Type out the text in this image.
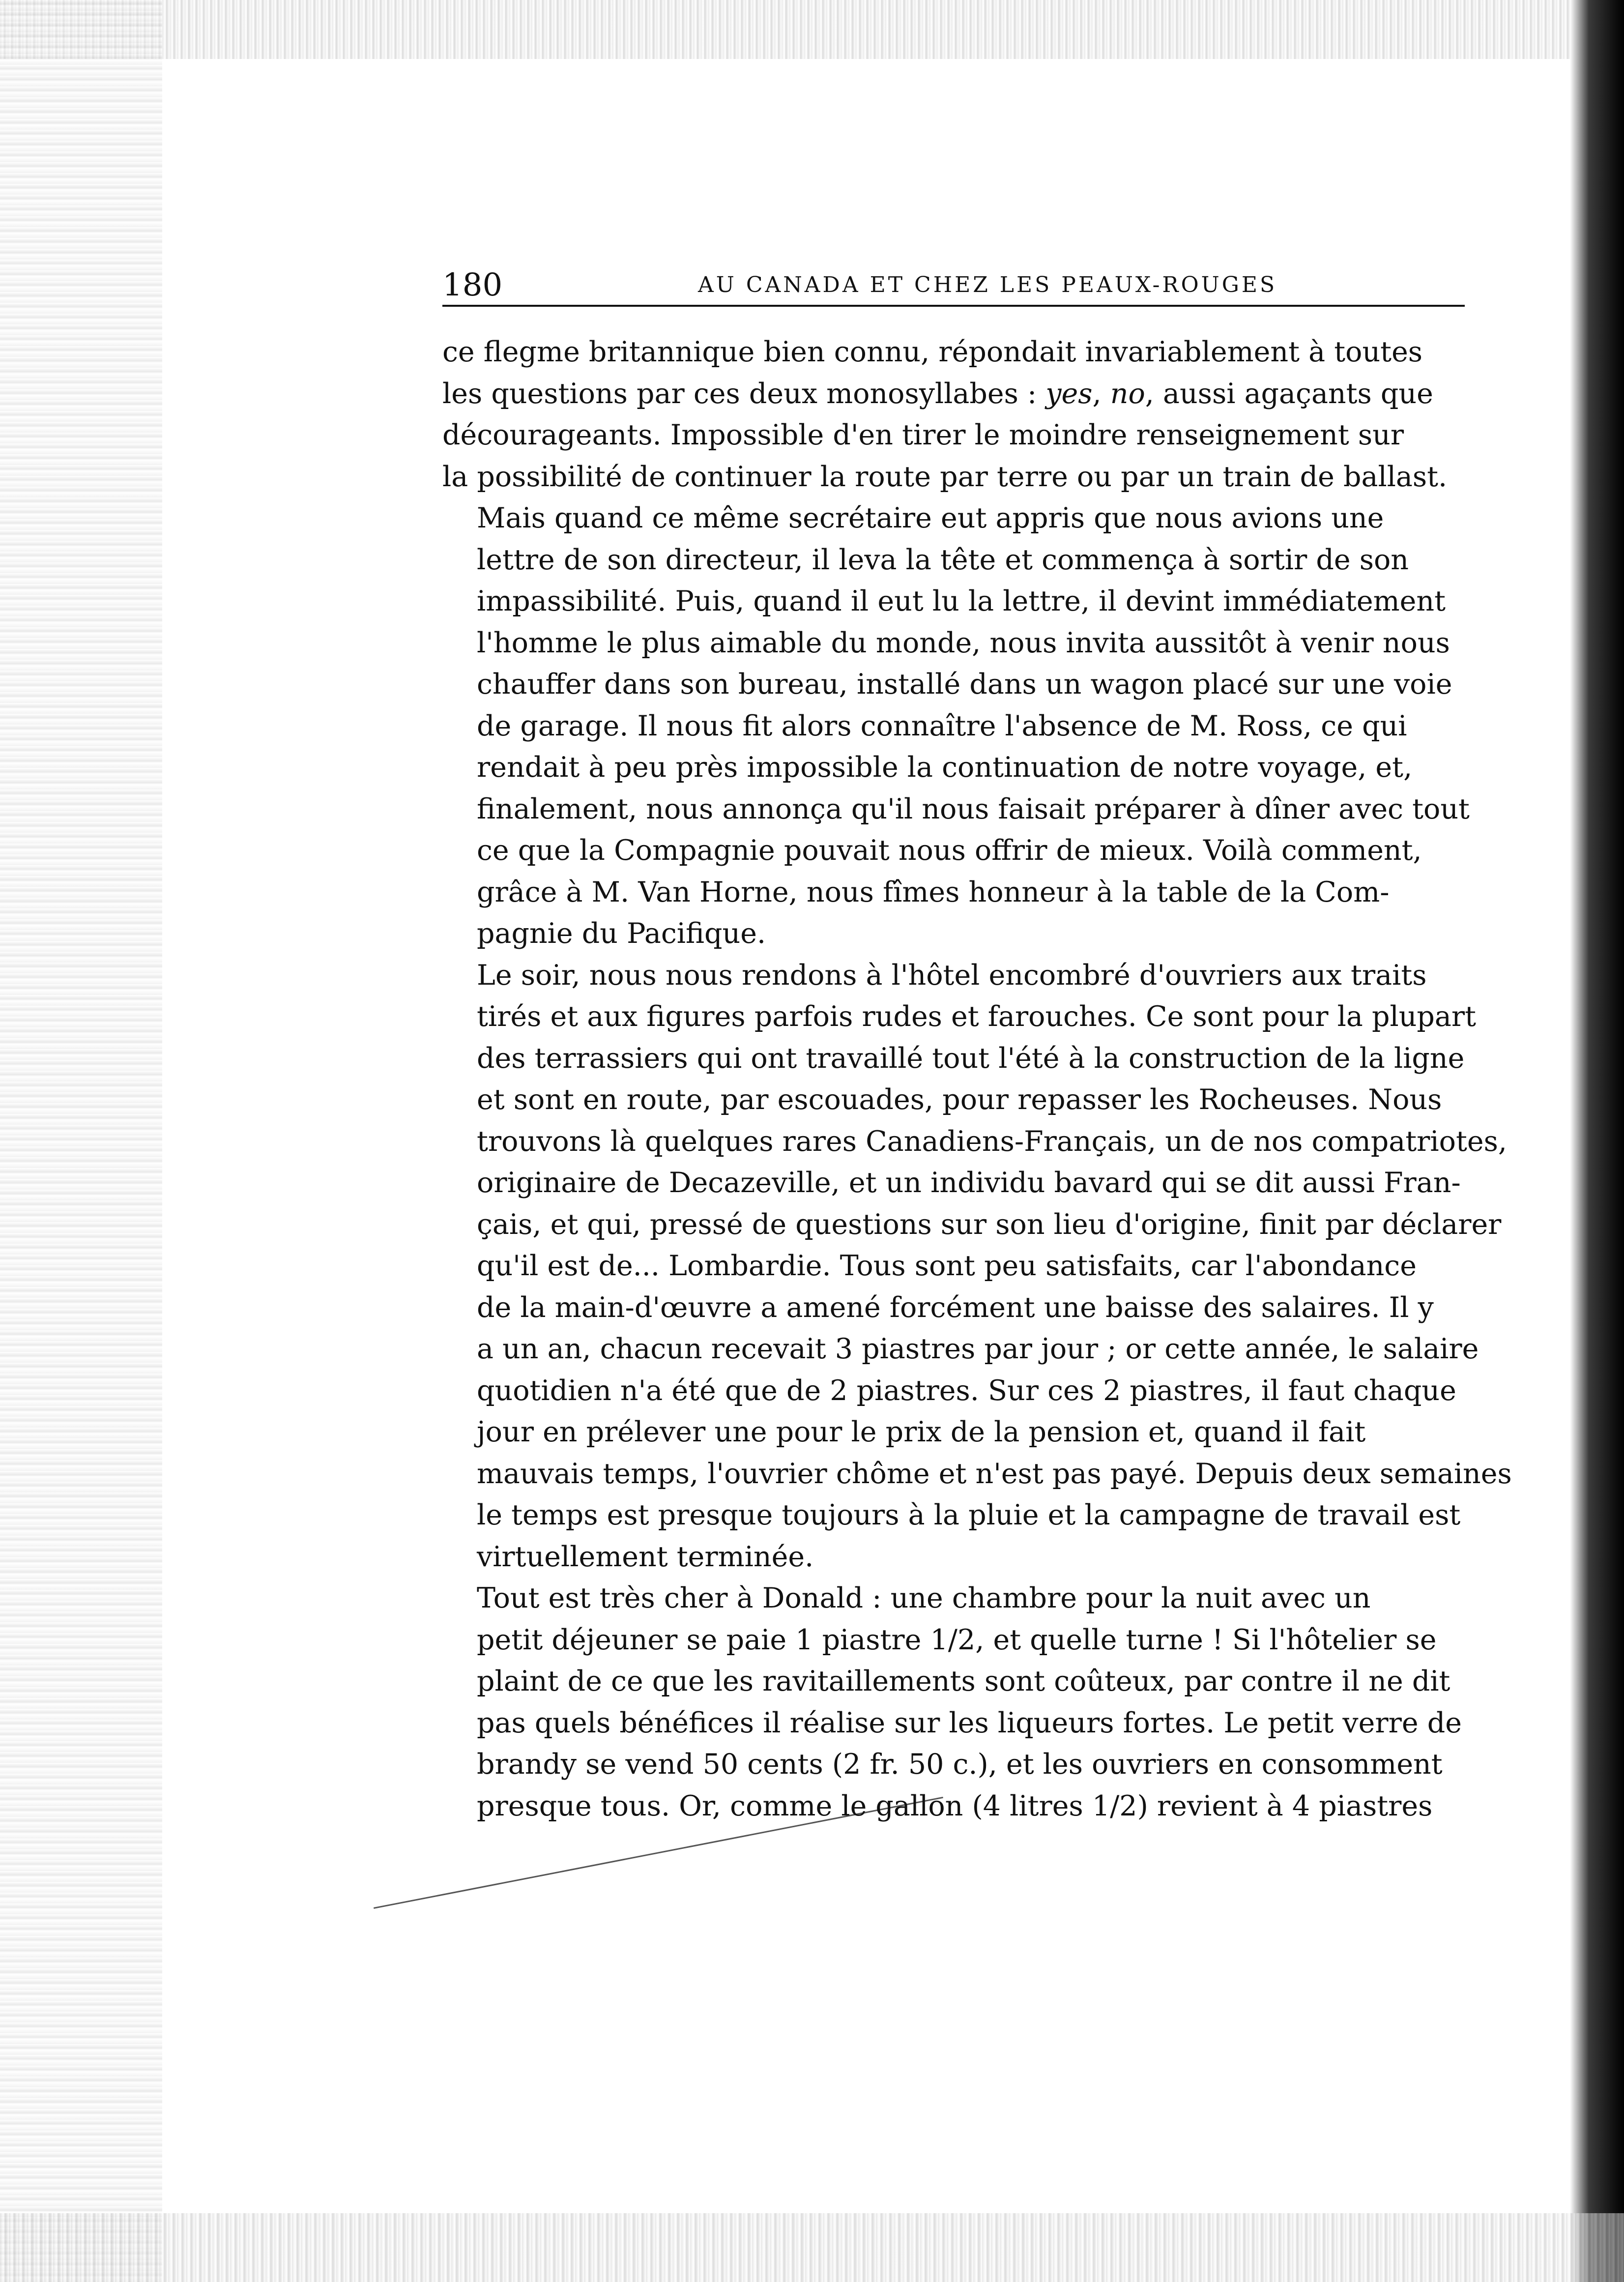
180	AU CANADA ET CHEZ LES PEAUX-ROUGES

ce flegme britannique bien connu, répondait invariablement à toutes
les questions par ces deux monosyllabes : yes, no, aussi agaçants que
décourageants. Impossible d'en tirer le moindre renseignement sur
la possibilité de continuer la route par terre ou par un train de ballast.

Mais quand ce même secrétaire eut appris que nous avions une
lettre de son directeur, il leva la tête et commença à sortir de son
impassibilité. Puis, quand il eut lu la lettre, il devint immédiatement
l'homme le plus aimable du monde, nous invita aussitôt à venir nous
chauffer dans son bureau, installé dans un wagon placé sur une voie
de garage. Il nous fit alors connaître l'absence de M. Ross, ce qui
rendait à peu près impossible la continuation de notre voyage, et,
finalement, nous annonça qu'il nous faisait préparer à dîner avec tout
ce que la Compagnie pouvait nous offrir de mieux. Voilà comment,
grâce à M. Van Horne, nous fîmes honneur à la table de la Com-
pagnie du Pacifique.

Le soir, nous nous rendons à l'hôtel encombré d'ouvriers aux traits
tirés et aux figures parfois rudes et farouches. Ce sont pour la plupart
des terrassiers qui ont travaillé tout l'été à la construction de la ligne
et sont en route, par escouades, pour repasser les Rocheuses. Nous
trouvons là quelques rares Canadiens-Français, un de nos compatriotes,
originaire de Decazeville, et un individu bavard qui se dit aussi Fran-
çais, et qui, pressé de questions sur son lieu d'origine, finit par déclarer
qu'il est de... Lombardie. Tous sont peu satisfaits, car l'abondance
de la main-d'œuvre a amené forcément une baisse des salaires. Il y
a un an, chacun recevait 3 piastres par jour ; or cette année, le salaire
quotidien n'a été que de 2 piastres. Sur ces 2 piastres, il faut chaque
jour en prélever une pour le prix de la pension et, quand il fait
mauvais temps, l'ouvrier chôme et n'est pas payé. Depuis deux semaines
le temps est presque toujours à la pluie et la campagne de travail est
virtuellement terminée.

Tout est très cher à Donald : une chambre pour la nuit avec un
petit déjeuner se paie 1 piastre 1/2, et quelle turne ! Si l'hôtelier se
plaint de ce que les ravitaillements sont coûteux, par contre il ne dit
pas quels bénéfices il réalise sur les liqueurs fortes. Le petit verre de
brandy se vend 50 cents (2 fr. 50 c.), et les ouvriers en consomment
presque tous. Or, comme le gallon (4 litres 1/2) revient à 4 piastres
